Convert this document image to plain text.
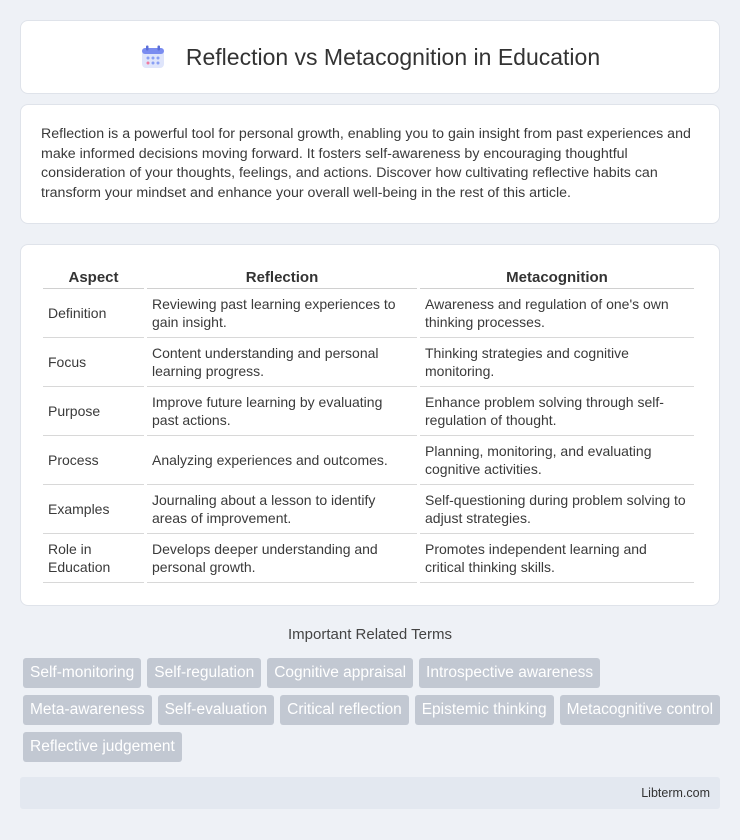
Reflection vs Metacognition in Education

Reflection is a powerful tool for personal growth, enabling you to gain insight from past experiences and make informed decisions moving forward. It fosters self-awareness by encouraging thoughtful consideration of your thoughts, feelings, and actions. Discover how cultivating reflective habits can transform your mindset and enhance your overall well-being in the rest of this article.

Aspect	Reflection	Metacognition
Definition	Reviewing past learning experiences to gain insight.	Awareness and regulation of one's own thinking processes.
Focus	Content understanding and personal learning progress.	Thinking strategies and cognitive monitoring.
Purpose	Improve future learning by evaluating past actions.	Enhance problem solving through self-regulation of thought.
Process	Analyzing experiences and outcomes.	Planning, monitoring, and evaluating cognitive activities.
Examples	Journaling about a lesson to identify areas of improvement.	Self-questioning during problem solving to adjust strategies.
Role in Education	Develops deeper understanding and personal growth.	Promotes independent learning and critical thinking skills.
Important Related Terms
Self-monitoring	Self-regulation	Cognitive appraisal	Introspective awareness
Meta-awareness	Self-evaluation	Critical reflection	Epistemic thinking	Metacognitive control
Reflective judgement
Libterm.com
